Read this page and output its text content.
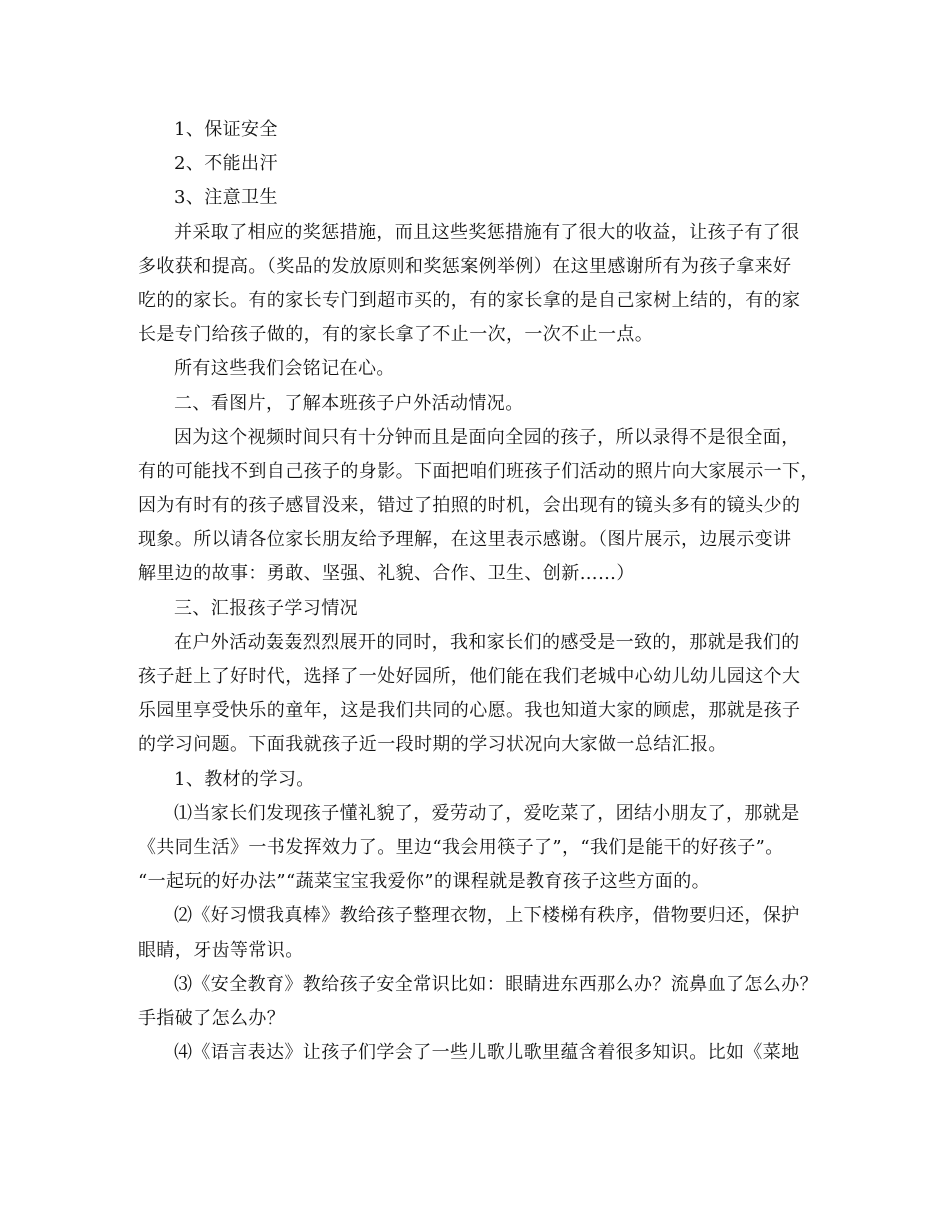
1、保证安全
2、不能出汗
3、注意卫生
并采取了相应的奖惩措施，而且这些奖惩措施有了很大的收益，让孩子有了很
多收获和提高。（奖品的发放原则和奖惩案例举例）在这里感谢所有为孩子拿来好
吃的的家长。有的家长专门到超市买的，有的家长拿的是自己家树上结的，有的家
长是专门给孩子做的，有的家长拿了不止一次，一次不止一点。
所有这些我们会铭记在心。
二、看图片，了解本班孩子户外活动情况。
因为这个视频时间只有十分钟而且是面向全园的孩子，所以录得不是很全面，
有的可能找不到自己孩子的身影。下面把咱们班孩子们活动的照片向大家展示一下，
因为有时有的孩子感冒没来，错过了拍照的时机，会出现有的镜头多有的镜头少的
现象。所以请各位家长朋友给予理解，在这里表示感谢。（图片展示，边展示变讲
解里边的故事：勇敢、坚强、礼貌、合作、卫生、创新……）
三、汇报孩子学习情况
在户外活动轰轰烈烈展开的同时，我和家长们的感受是一致的，那就是我们的
孩子赶上了好时代，选择了一处好园所，他们能在我们老城中心幼儿幼儿园这个大
乐园里享受快乐的童年，这是我们共同的心愿。我也知道大家的顾虑，那就是孩子
的学习问题。下面我就孩子近一段时期的学习状况向大家做一总结汇报。
1、教材的学习。
⑴当家长们发现孩子懂礼貌了，爱劳动了，爱吃菜了，团结小朋友了，那就是
《共同生活》一书发挥效力了。里边“我会用筷子了”，“我们是能干的好孩子”。
“一起玩的好办法”“蔬菜宝宝我爱你”的课程就是教育孩子这些方面的。
⑵《好习惯我真棒》教给孩子整理衣物，上下楼梯有秩序，借物要归还，保护
眼睛，牙齿等常识。
⑶《安全教育》教给孩子安全常识比如：眼睛进东西那么办？流鼻血了怎么办？
手指破了怎么办？
⑷《语言表达》让孩子们学会了一些儿歌儿歌里蕴含着很多知识。比如《菜地
